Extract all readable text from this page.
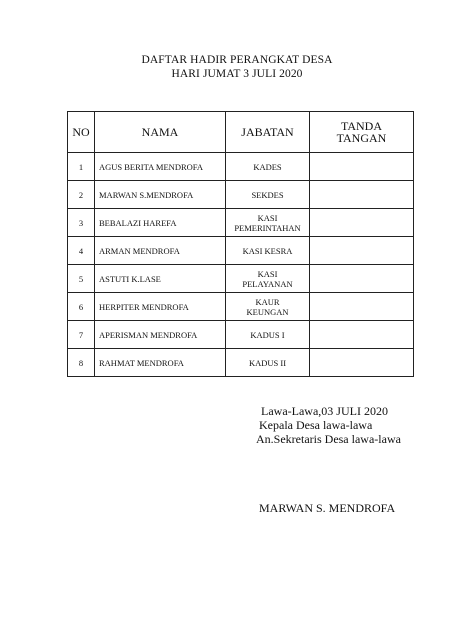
DAFTAR HADIR PERANGKAT DESA
HARI JUMAT 3 JULI 2020
NO	NAMA	JABATAN	TANDA
TANGAN
1	AGUS BERITA MENDROFA	KADES	
2	MARWAN S.MENDROFA	SEKDES	
3	BEBALAZI HAREFA	KASI
PEMERINTAHAN	
4	ARMAN MENDROFA	KASI KESRA	
5	ASTUTI K.LASE	KASI
PELAYANAN	
6	HERPITER MENDROFA	KAUR
KEUNGAN	
7	APERISMAN MENDROFA	KADUS I	
8	RAHMAT MENDROFA	KADUS II	
Lawa-Lawa,03 JULI 2020
Kepala Desa lawa-lawa
An.Sekretaris Desa lawa-lawa
MARWAN S. MENDROFA
